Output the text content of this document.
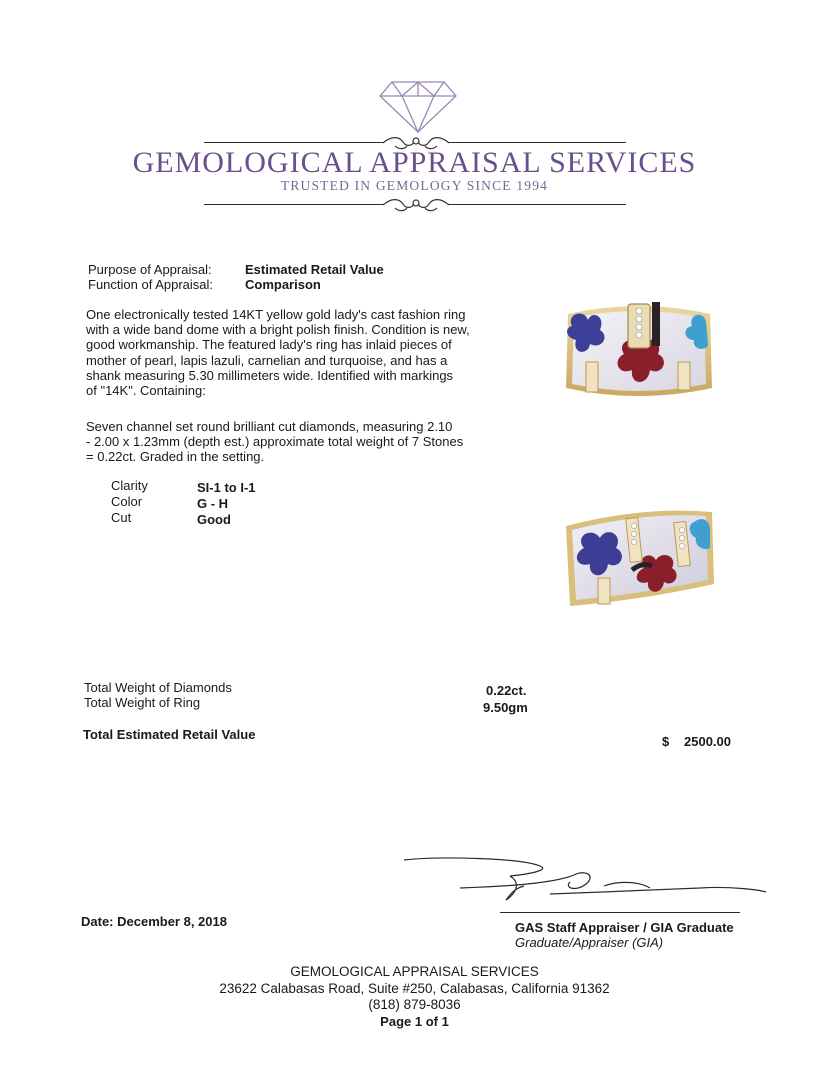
GEMOLOGICAL APPRAISAL SERVICES
TRUSTED IN GEMOLOGY SINCE 1994
Purpose of Appraisal:	Estimated Retail Value
Function of Appraisal: Comparison
One electronically tested 14KT yellow gold lady's cast fashion ring
with a wide band dome with a bright polish finish. Condition is new,
good workmanship. The featured lady's ring has inlaid pieces of
mother of pearl, lapis lazuli, carnelian and turquoise, and has a
shank measuring 5.30 millimeters wide. Identified with markings
of "14K". Containing:
Seven channel set round brilliant cut diamonds, measuring 2.10
- 2.00 x 1.23mm (depth est.) approximate total weight of 7 Stones
= 0.22ct. Graded in the setting.
Clarity	SI-1 to I-1
Color	G - H
Cut	Good
Total Weight of Diamonds	0.22ct.
Total Weight of Ring	9.50gm
Total Estimated Retail Value	$ 2500.00
Date: December 8, 2018	GAS Staff Appraiser / GIA Graduate
Graduate/Appraiser (GIA)
GEMOLOGICAL APPRAISAL SERVICES
23622 Calabasas Road, Suite #250, Calabasas, California 91362
(818) 879-8036
Page 1 of 1
